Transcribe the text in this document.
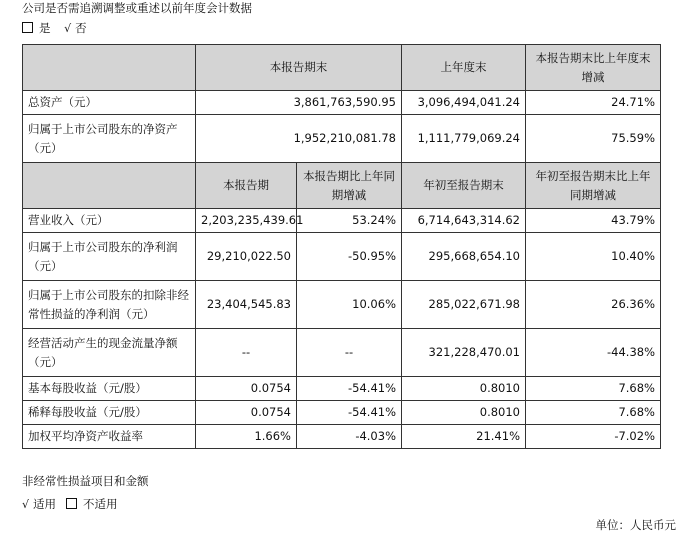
公司是否需追溯调整或重述以前年度会计数据
是 √ 否
	本报告期末		上年度末	本报告期末比上年度末增减
总资产（元）	3,861,763,590.95		3,096,494,041.24	24.71%
归属于上市公司股东的净资产（元）	1,952,210,081.78		1,111,779,069.24	75.59%
	本报告期	本报告期比上年同期增减	年初至报告期末	年初至报告期末比上年同期增减
营业收入（元）	2,203,235,439.61	53.24%	6,714,643,314.62	43.79%
归属于上市公司股东的净利润（元）	29,210,022.50	-50.95%	295,668,654.10	10.40%
归属于上市公司股东的扣除非经常性损益的净利润（元）	23,404,545.83	10.06%	285,022,671.98	26.36%
经营活动产生的现金流量净额（元）	--	--	321,228,470.01	-44.38%
基本每股收益（元/股）	0.0754	-54.41%	0.8010	7.68%
稀释每股收益（元/股）	0.0754	-54.41%	0.8010	7.68%
加权平均净资产收益率	1.66%	-4.03%	21.41%	-7.02%
非经常性损益项目和金额
√ 适用 不适用
单位：人民币元
